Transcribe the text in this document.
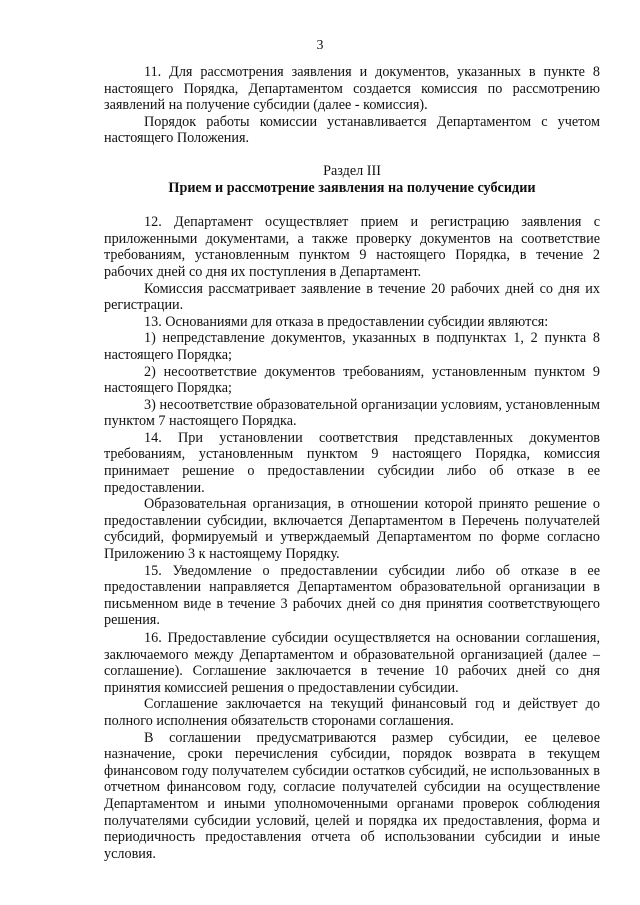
3

11. Для рассмотрения заявления и документов, указанных в пункте 8 настоящего Порядка, Департаментом создается комиссия по рассмотрению заявлений на получение субсидии (далее - комиссия).

Порядок работы комиссии устанавливается Департаментом с учетом настоящего Положения.

Раздел III

Прием и рассмотрение заявления на получение субсидии

12. Департамент осуществляет прием и регистрацию заявления с приложенными документами, а также проверку документов на соответствие требованиям, установленным пунктом 9 настоящего Порядка, в течение 2 рабочих дней со дня их поступления в Департамент.

Комиссия рассматривает заявление в течение 20 рабочих дней со дня их регистрации.

13. Основаниями для отказа в предоставлении субсидии являются:

1) непредставление документов, указанных в подпунктах 1, 2 пункта 8 настоящего Порядка;

2) несоответствие документов требованиям, установленным пунктом 9 настоящего Порядка;

3) несоответствие образовательной организации условиям, установленным пунктом 7 настоящего Порядка.

14. При установлении соответствия представленных документов требованиям, установленным пунктом 9 настоящего Порядка, комиссия принимает решение о предоставлении субсидии либо об отказе в ее предоставлении.

Образовательная организация, в отношении которой принято решение о предоставлении субсидии, включается Департаментом в Перечень получателей субсидий, формируемый и утверждаемый Департаментом по форме согласно Приложению 3 к настоящему Порядку.

15. Уведомление о предоставлении субсидии либо об отказе в ее предоставлении направляется Департаментом образовательной организации в письменном виде в течение 3 рабочих дней со дня принятия соответствующего решения.

16. Предоставление субсидии осуществляется на основании соглашения, заключаемого между Департаментом и образовательной организацией (далее – соглашение). Соглашение заключается в течение 10 рабочих дней со дня принятия комиссией решения о предоставлении субсидии.

Соглашение заключается на текущий финансовый год и действует до полного исполнения обязательств сторонами соглашения.

В соглашении предусматриваются размер субсидии, ее целевое назначение, сроки перечисления субсидии, порядок возврата в текущем финансовом году получателем субсидии остатков субсидий, не использованных в отчетном финансовом году, согласие получателей субсидии на осуществление Департаментом и иными уполномоченными органами проверок соблюдения получателями субсидии условий, целей и порядка их предоставления, форма и периодичность предоставления отчета об использовании субсидии и иные условия.
